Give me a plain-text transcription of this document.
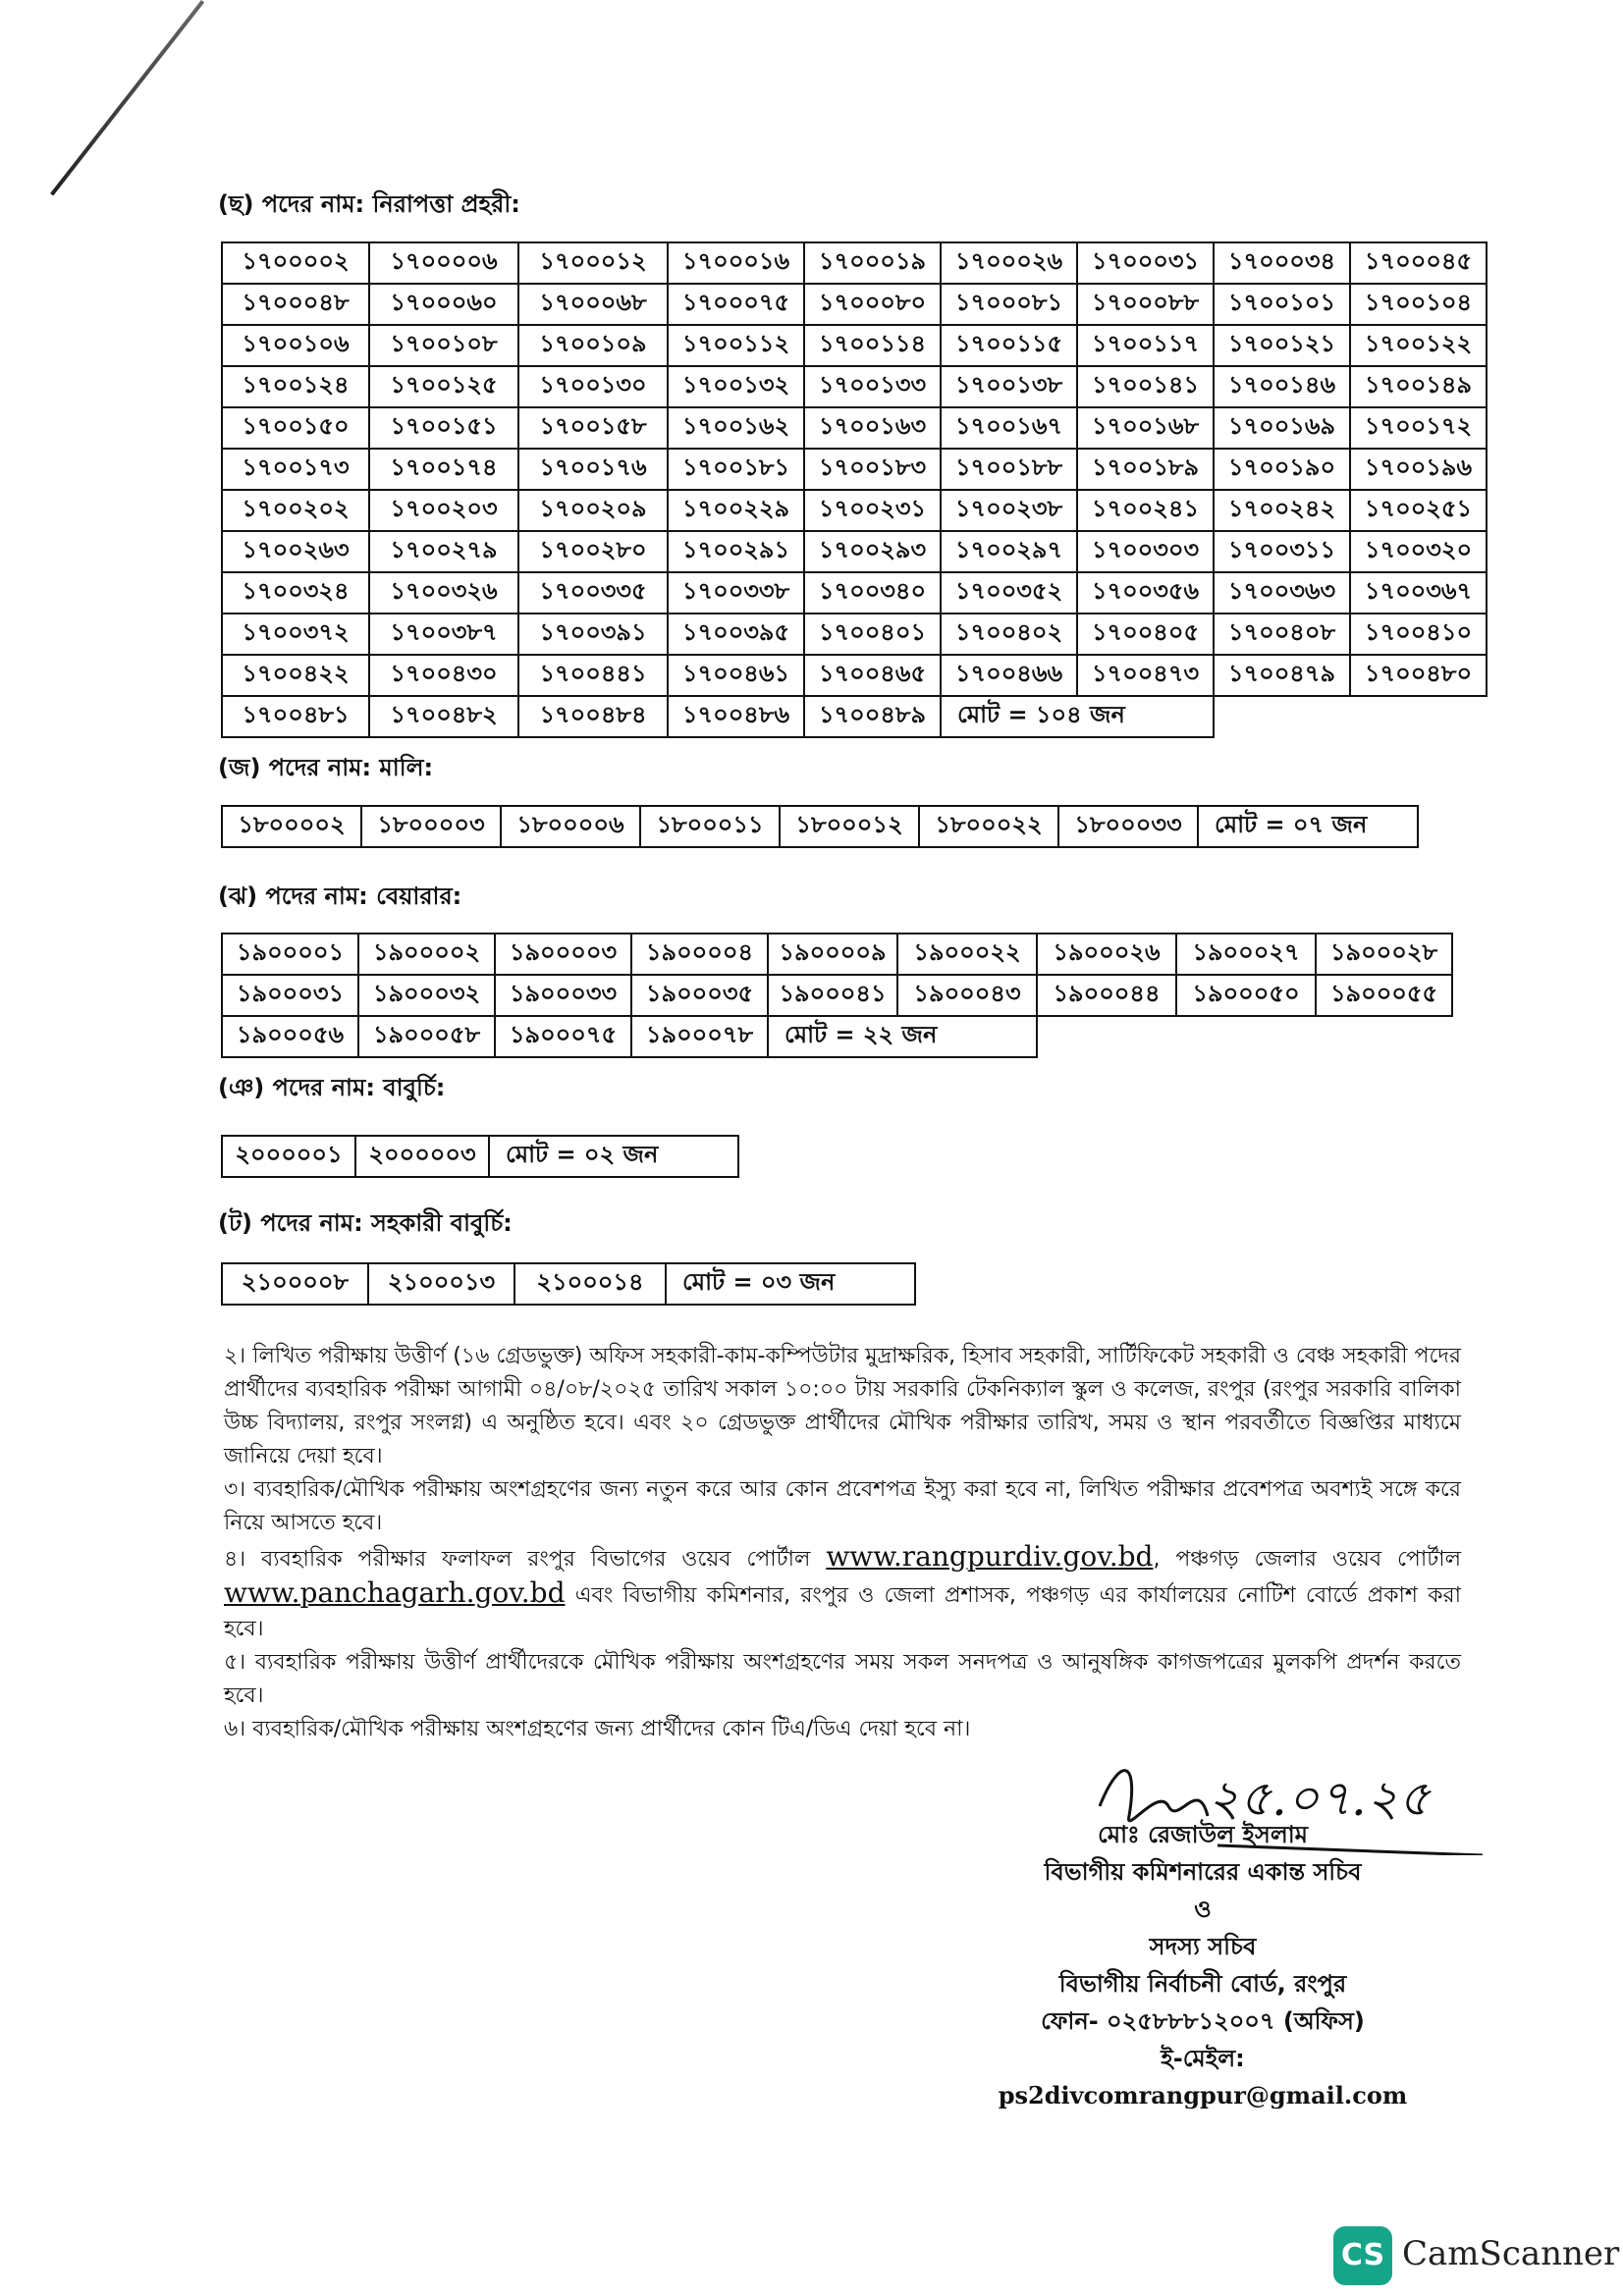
(ছ) পদের নাম: নিরাপত্তা প্রহরী:
১৭০০০০২	১৭০০০০৬	১৭০০০১২	১৭০০০১৬	১৭০০০১৯	১৭০০০২৬	১৭০০০৩১	১৭০০০৩৪	১৭০০০৪৫
১৭০০০৪৮	১৭০০০৬০	১৭০০০৬৮	১৭০০০৭৫	১৭০০০৮০	১৭০০০৮১	১৭০০০৮৮	১৭০০১০১	১৭০০১০৪
১৭০০১০৬	১৭০০১০৮	১৭০০১০৯	১৭০০১১২	১৭০০১১৪	১৭০০১১৫	১৭০০১১৭	১৭০০১২১	১৭০০১২২
১৭০০১২৪	১৭০০১২৫	১৭০০১৩০	১৭০০১৩২	১৭০০১৩৩	১৭০০১৩৮	১৭০০১৪১	১৭০০১৪৬	১৭০০১৪৯
১৭০০১৫০	১৭০০১৫১	১৭০০১৫৮	১৭০০১৬২	১৭০০১৬৩	১৭০০১৬৭	১৭০০১৬৮	১৭০০১৬৯	১৭০০১৭২
১৭০০১৭৩	১৭০০১৭৪	১৭০০১৭৬	১৭০০১৮১	১৭০০১৮৩	১৭০০১৮৮	১৭০০১৮৯	১৭০০১৯০	১৭০০১৯৬
১৭০০২০২	১৭০০২০৩	১৭০০২০৯	১৭০০২২৯	১৭০০২৩১	১৭০০২৩৮	১৭০০২৪১	১৭০০২৪২	১৭০০২৫১
১৭০০২৬৩	১৭০০২৭৯	১৭০০২৮০	১৭০০২৯১	১৭০০২৯৩	১৭০০২৯৭	১৭০০৩০৩	১৭০০৩১১	১৭০০৩২০
১৭০০৩২৪	১৭০০৩২৬	১৭০০৩৩৫	১৭০০৩৩৮	১৭০০৩৪০	১৭০০৩৫২	১৭০০৩৫৬	১৭০০৩৬৩	১৭০০৩৬৭
১৭০০৩৭২	১৭০০৩৮৭	১৭০০৩৯১	১৭০০৩৯৫	১৭০০৪০১	১৭০০৪০২	১৭০০৪০৫	১৭০০৪০৮	১৭০০৪১০
১৭০০৪২২	১৭০০৪৩০	১৭০০৪৪১	১৭০০৪৬১	১৭০০৪৬৫	১৭০০৪৬৬	১৭০০৪৭৩	১৭০০৪৭৯	১৭০০৪৮০
১৭০০৪৮১	১৭০০৪৮২	১৭০০৪৮৪	১৭০০৪৮৬	১৭০০৪৮৯	মোট = ১০৪ জন			
(জ) পদের নাম: মালি:
১৮০০০০২	১৮০০০০৩	১৮০০০০৬	১৮০০০১১	১৮০০০১২	১৮০০০২২	১৮০০০৩৩	মোট = ০৭ জন
(ঝ) পদের নাম: বেয়ারার:
১৯০০০০১	১৯০০০০২	১৯০০০০৩	১৯০০০০৪	১৯০০০০৯	১৯০০০২২	১৯০০০২৬	১৯০০০২৭	১৯০০০২৮
১৯০০০৩১	১৯০০০৩২	১৯০০০৩৩	১৯০০০৩৫	১৯০০০৪১	১৯০০০৪৩	১৯০০০৪৪	১৯০০০৫০	১৯০০০৫৫
১৯০০০৫৬	১৯০০০৫৮	১৯০০০৭৫	১৯০০০৭৮	মোট = ২২ জন				
(ঞ) পদের নাম: বাবুর্চি:
২০০০০০১	২০০০০০৩	মোট = ০২ জন
(ট) পদের নাম: সহকারী বাবুর্চি:
২১০০০০৮	২১০০০১৩	২১০০০১৪	মোট = ০৩ জন

২। লিখিত পরীক্ষায় উত্তীর্ণ (১৬ গ্রেডভুক্ত) অফিস সহকারী-কাম-কম্পিউটার মুদ্রাক্ষরিক, হিসাব সহকারী, সার্টিফিকেট সহকারী ও বেঞ্চ সহকারী পদের প্রার্থীদের ব্যবহারিক পরীক্ষা আগামী ০৪/০৮/২০২৫ তারিখ সকাল ১০:০০ টায় সরকারি টেকনিক্যাল স্কুল ও কলেজ, রংপুর (রংপুর সরকারি বালিকা উচ্চ বিদ্যালয়, রংপুর সংলগ্ন) এ অনুষ্ঠিত হবে। এবং ২০ গ্রেডভুক্ত প্রার্থীদের মৌখিক পরীক্ষার তারিখ, সময় ও স্থান পরবর্তীতে বিজ্ঞপ্তির মাধ্যমে জানিয়ে দেয়া হবে।

৩। ব্যবহারিক/মৌখিক পরীক্ষায় অংশগ্রহণের জন্য নতুন করে আর কোন প্রবেশপত্র ইস্যু করা হবে না, লিখিত পরীক্ষার প্রবেশপত্র অবশ্যই সঙ্গে করে নিয়ে আসতে হবে।

৪। ব্যবহারিক পরীক্ষার ফলাফল রংপুর বিভাগের ওয়েব পোর্টাল www.rangpurdiv.gov.bd, পঞ্চগড় জেলার ওয়েব পোর্টাল www.panchagarh.gov.bd এবং বিভাগীয় কমিশনার, রংপুর ও জেলা প্রশাসক, পঞ্চগড় এর কার্যালয়ের নোটিশ বোর্ডে প্রকাশ করা হবে।

৫। ব্যবহারিক পরীক্ষায় উত্তীর্ণ প্রার্থীদেরকে মৌখিক পরীক্ষায় অংশগ্রহণের সময় সকল সনদপত্র ও আনুষঙ্গিক কাগজপত্রের মুলকপি প্রদর্শন করতে হবে।

৬। ব্যবহারিক/মৌখিক পরীক্ষায় অংশগ্রহণের জন্য প্রার্থীদের কোন টিএ/ডিএ দেয়া হবে না।

২৫.০৭.২৫
মোঃ রেজাউল ইসলাম
বিভাগীয় কমিশনারের একান্ত সচিব
ও
সদস্য সচিব
বিভাগীয় নির্বাচনী বোর্ড, রংপুর
ফোন- ০২৫৮৮৮১২০০৭ (অফিস)
ই-মেইল: ps2divcomrangpur@gmail.com
CS CamScanner
